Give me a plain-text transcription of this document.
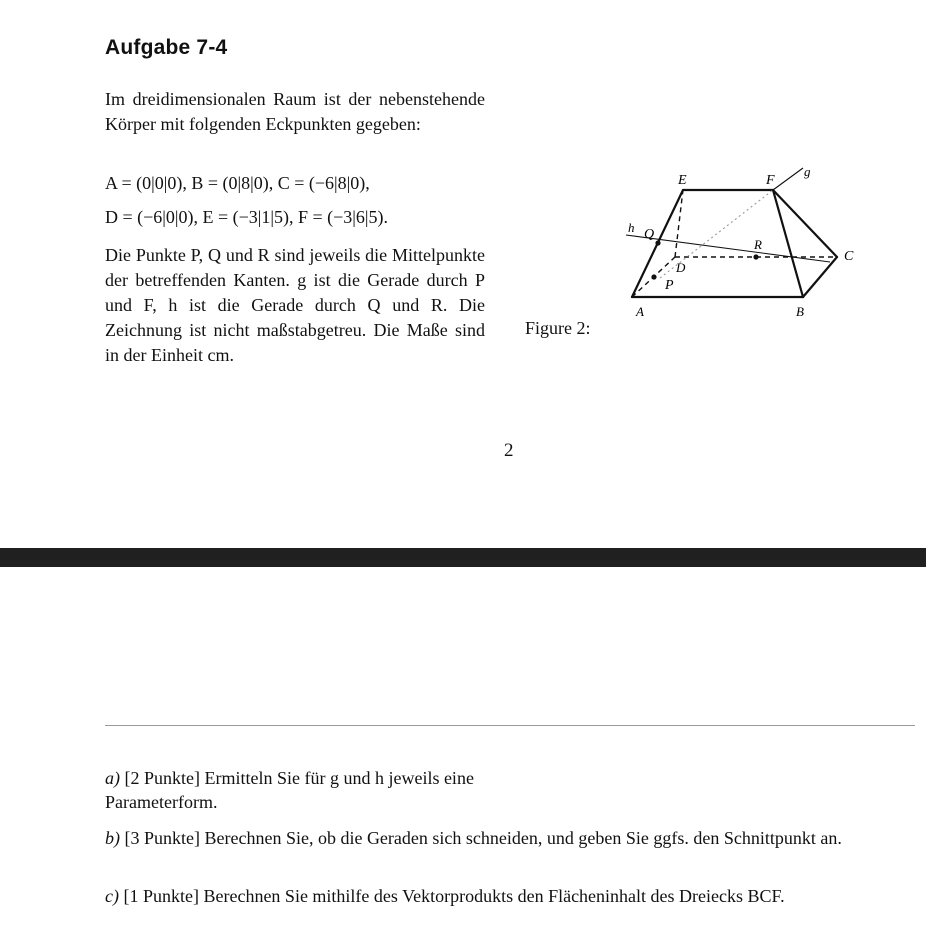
Aufgabe 7-4
Im dreidimensionalen Raum ist der nebenstehende Körper mit folgenden Eckpunkten gegeben:
A = (0|0|0), B = (0|8|0), C = (−6|8|0),
D = (−6|0|0), E = (−3|1|5), F = (−3|6|5).
Die Punkte P, Q und R sind jeweils die Mittelpunkte der betreffenden Kanten. g ist die Gerade durch P und F, h ist die Gerade durch Q und R. Die Zeichnung ist nicht maßstabgetreu. Die Maße sind in der Einheit cm.
Figure 2:
E	F
g
h Q
R
C
D
P
A	B
2
a) [2 Punkte] Ermitteln Sie für g und h jeweils eine Parameterform.
b) [3 Punkte] Berechnen Sie, ob die Geraden sich schneiden, und geben Sie ggfs. den Schnittpunkt an.
c) [1 Punkte] Berechnen Sie mithilfe des Vektorprodukts den Flächeninhalt des Dreiecks BCF.
